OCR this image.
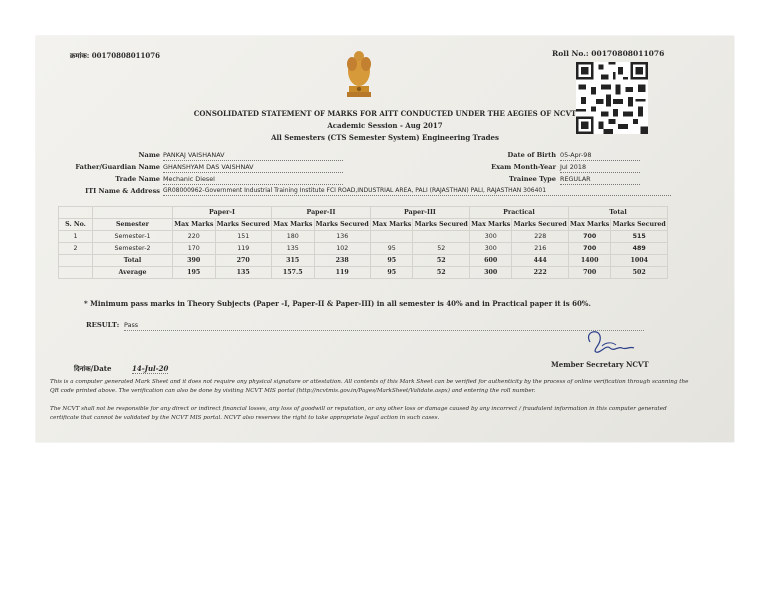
क्रमांक: 00170808011076	Roll No.: 00170808011076
CONSOLIDATED STATEMENT OF MARKS FOR AITT CONDUCTED UNDER THE AEGIES OF NCVT
Academic Session - Aug 2017
All Semesters (CTS Semester System) Engineering Trades
Name PANKAJ VAISHANAV
Father/Guardian Name GHANSHYAM DAS VAISHNAV
Trade Name Mechanic Diesel
ITI Name & Address GR08000962-Government Industrial Training Institute FCI ROAD,INDUSTRIAL AREA, PALI (RAJASTHAN) PALI, RAJASTHAN 306401
Date of Birth 05-Apr-98
Exam Month-Year Jul 2018
Trainee Type REGULAR
		Paper-I		Paper-II		Paper-III		Practical		Total	
S. No.	Semester	Max Marks	Marks Secured	Max Marks	Marks Secured	Max Marks	Marks Secured	Max Marks	Marks Secured	Max Marks	Marks Secured
1	Semester-1	220	151	180	136			300	228	700	515
2	Semester-2	170	119	135	102	95	52	300	216	700	489
	Total	390	270	315	238	95	52	600	444	1400	1004
	Average	195	135	157.5	119	95	52	300	222	700	502
* Minimum pass marks in Theory Subjects (Paper -I, Paper-II & Paper-III) in all semester is 40% and in Practical paper it is 60%.
RESULT: Pass
Member Secretary NCVT
दिनांक/Date	14-Jul-20
This is a computer generated Mark Sheet and it does not require any physical signature or attestation. All contents of this Mark Sheet can be verified for authenticity by the process of online verification through scanning the QR code printed above. The verification can also be done by visiting NCVT MIS portal (http://ncvtmis.gov.in/Pages/MarkSheet/Validate.aspx) and entering the roll number.
The NCVT shall not be responsible for any direct or indirect financial losses, any loss of goodwill or reputation, or any other loss or damage caused by any incorrect / fraudulent information in this computer generated certificate that cannot be validated by the NCVT MIS portal. NCVT also reserves the right to take appropriate legal action in such cases.
